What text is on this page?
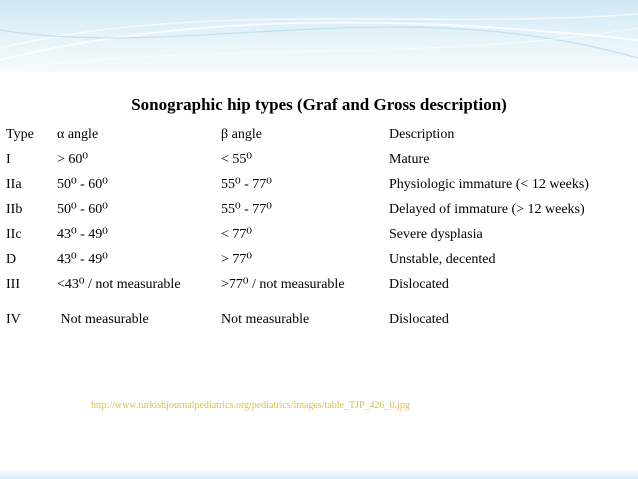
Sonographic hip types (Graf and Gross description)
Type	α angle	β angle	Description
I	> 60⁰	< 55⁰	Mature
IIa	50⁰ - 60⁰	55⁰ - 77⁰	Physiologic immature (< 12 weeks)
IIb	50⁰ - 60⁰	55⁰ - 77⁰	Delayed of immature (> 12 weeks)
IIc	43⁰ - 49⁰	< 77⁰	Severe dysplasia
D	43⁰ - 49⁰	> 77⁰	Unstable, decented
III	<43⁰ / not measurable	>77⁰ / not measurable	Dislocated

IV	Not measurable	Not measurable	Dislocated
http://www.turkishjournalpediatrics.org/pediatrics/images/table_TJP_426_0.jpg
